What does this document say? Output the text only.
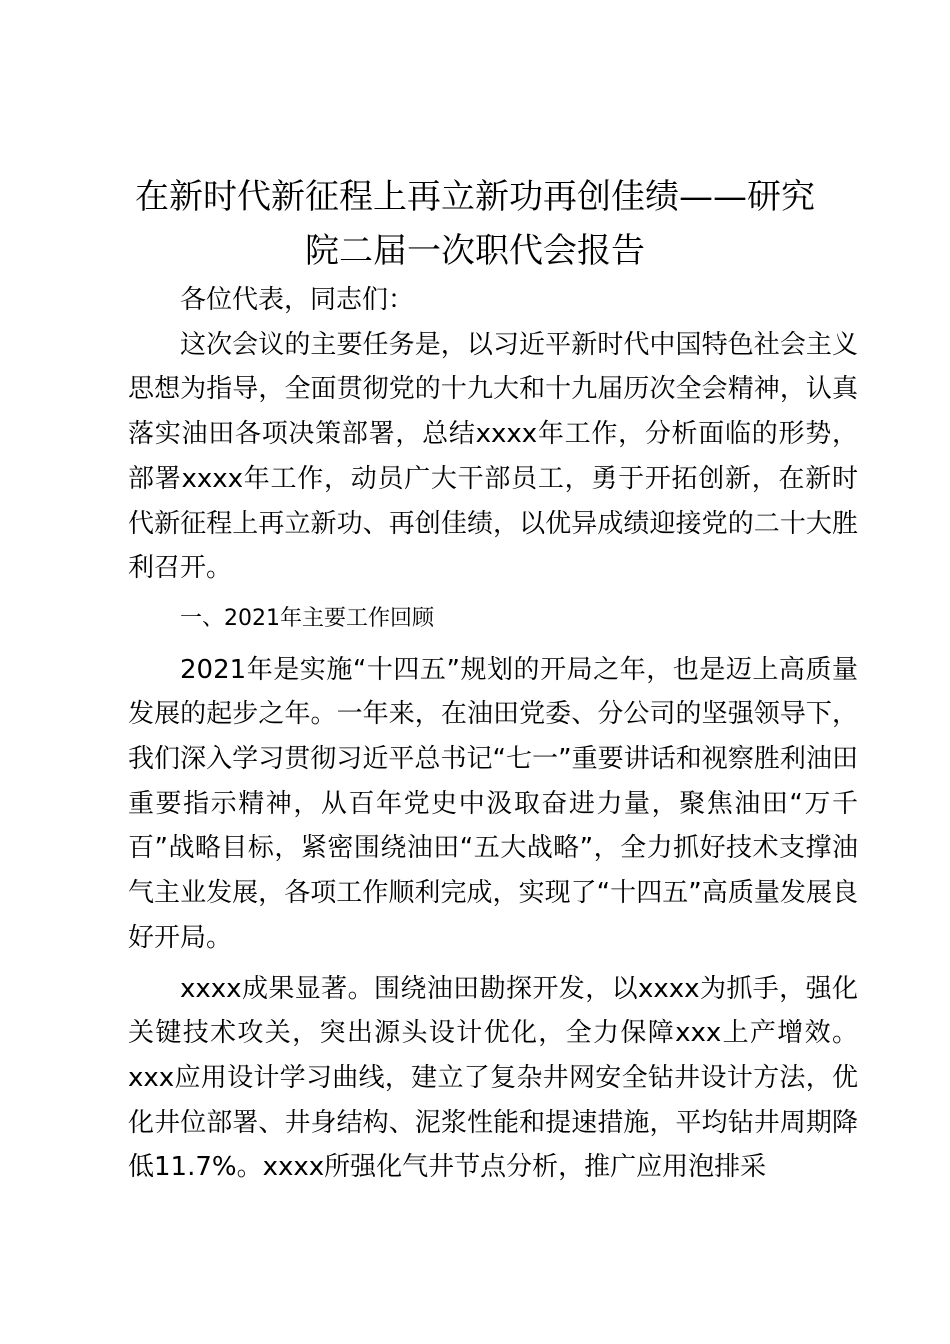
在新时代新征程上再立新功再创佳绩——研究院二届一次职代会报告

各位代表，同志们：

这次会议的主要任务是，以习近平新时代中国特色社会主义思想为指导，全面贯彻党的十九大和十九届历次全会精神，认真落实油田各项决策部署，总结xxxx年工作，分析面临的形势，部署xxxx年工作，动员广大干部员工，勇于开拓创新，在新时代新征程上再立新功、再创佳绩，以优异成绩迎接党的二十大胜利召开。

一、2021年主要工作回顾

2021年是实施“十四五”规划的开局之年，也是迈上高质量发展的起步之年。一年来，在油田党委、分公司的坚强领导下，我们深入学习贯彻习近平总书记“七一”重要讲话和视察胜利油田重要指示精神，从百年党史中汲取奋进力量，聚焦油田“万千百”战略目标，紧密围绕油田“五大战略”，全力抓好技术支撑油气主业发展，各项工作顺利完成，实现了“十四五”高质量发展良好开局。

xxxx成果显著。围绕油田勘探开发，以xxxx为抓手，强化关键技术攻关，突出源头设计优化，全力保障xxx上产增效。xxx应用设计学习曲线，建立了复杂井网安全钻井设计方法，优化井位部署、井身结构、泥浆性能和提速措施，平均钻井周期降低11.7%。xxxx所强化气井节点分析，推广应用泡排采
